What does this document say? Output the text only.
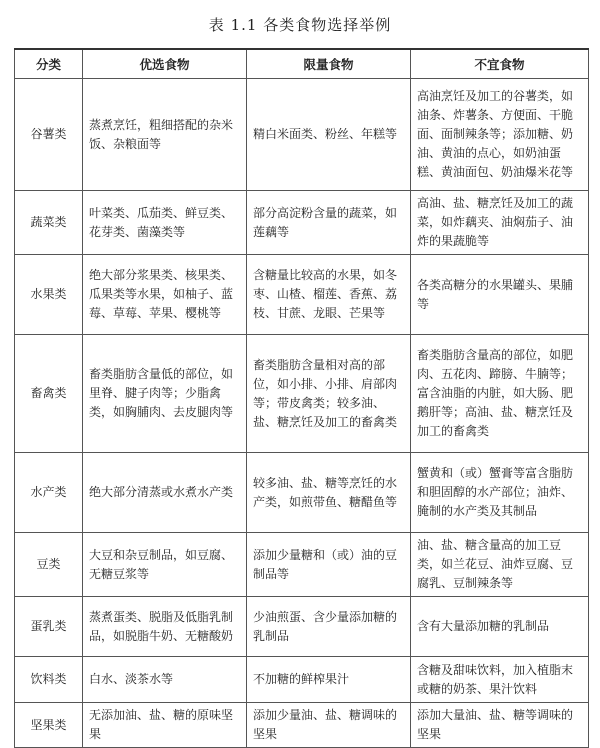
表 1.1 各类食物选择举例
分类	优选食物	限量食物	不宜食物
谷薯类	蒸煮烹饪，粗细搭配的杂米饭、杂粮面等	精白米面类、粉丝、年糕等	高油烹饪及加工的谷薯类，如油条、炸薯条、方便面、干脆面、面制辣条等；添加糖、奶油、黄油的点心，如奶油蛋糕、黄油面包、奶油爆米花等
蔬菜类	叶菜类、瓜茄类、鲜豆类、花芽类、菌藻类等	部分高淀粉含量的蔬菜，如莲藕等	高油、盐、糖烹饪及加工的蔬菜，如炸藕夹、油焖茄子、油炸的果蔬脆等
水果类	绝大部分浆果类、核果类、瓜果类等水果，如柚子、蓝莓、草莓、苹果、樱桃等	含糖量比较高的水果，如冬枣、山楂、榴莲、香蕉、荔枝、甘蔗、龙眼、芒果等	各类高糖分的水果罐头、果脯等
畜禽类	畜类脂肪含量低的部位，如里脊、腱子肉等；少脂禽类，如胸脯肉、去皮腿肉等	畜类脂肪含量相对高的部位，如小排、小排、肩部肉等；带皮禽类；较多油、盐、糖烹饪及加工的畜禽类	畜类脂肪含量高的部位，如肥肉、五花肉、蹄膀、牛腩等；富含油脂的内脏，如大肠、肥鹅肝等；高油、盐、糖烹饪及加工的畜禽类
水产类	绝大部分清蒸或水煮水产类	较多油、盐、糖等烹饪的水产类，如煎带鱼、糖醋鱼等	蟹黄和（或）蟹膏等富含脂肪和胆固醇的水产部位；油炸、腌制的水产类及其制品
豆类	大豆和杂豆制品，如豆腐、无糖豆浆等	添加少量糖和（或）油的豆制品等	油、盐、糖含量高的加工豆类，如兰花豆、油炸豆腐、豆腐乳、豆制辣条等
蛋乳类	蒸煮蛋类、脱脂及低脂乳制品，如脱脂牛奶、无糖酸奶	少油煎蛋、含少量添加糖的乳制品	含有大量添加糖的乳制品
饮料类	白水、淡茶水等	不加糖的鲜榨果汁	含糖及甜味饮料，加入植脂末或糖的奶茶、果汁饮料
坚果类	无添加油、盐、糖的原味坚果	添加少量油、盐、糖调味的坚果	添加大量油、盐、糖等调味的坚果
